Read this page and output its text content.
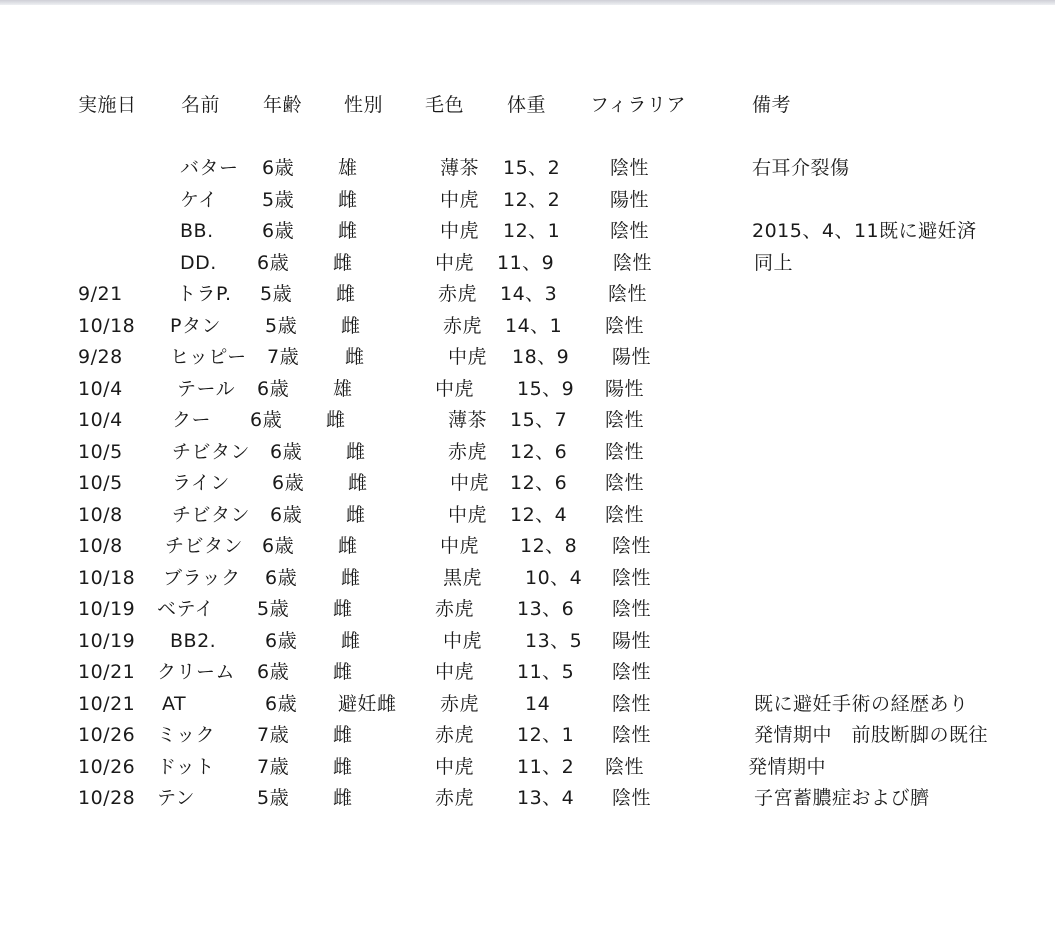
実施日 名前 年齢 性別 毛色 体重 フィラリア	備考
バター 6歳 雄	薄茶 15、2	陰性	右耳介裂傷
ケイ 5歳 雌	中虎 12、2	陽性
BB.	6歳 雌	中虎 12、1	陰性	2015、4、11既に避妊済
DD. 6歳 雌	中虎 11、9	陰性	同上
9/21	トラP. 5歳 雌	赤虎 14、3	陰性
10/18 Pタン 5歳 雌	赤虎 14、1 陰性
9/28 ヒッピー 7歳 雌	中虎 18、9 陽性
10/4	テール 6歳 雄	中虎 15、9 陽性
10/4	クー 6歳 雌	薄茶 15、7 陰性
10/5	チビタン 6歳 雌	赤虎 12、6 陰性
10/5	ライン 6歳 雌	中虎 12、6 陰性
10/8	チビタン 6歳 雌	中虎 12、4 陰性
10/8 チビタン 6歳 雌	中虎 12、8 陰性
10/18 ブラック 6歳 雌	黒虎 10、4 陰性
10/19 ベテイ 5歳 雌	赤虎 13、6 陰性
10/19 BB2.	6歳 雌	中虎 13、5 陽性
10/21 クリーム 6歳 雌	中虎 11、5 陰性
10/21 AT	6歳 避妊雌 赤虎 14	陰性	既に避妊手術の経歴あり
10/26 ミック 7歳 雌	赤虎 12、1 陰性	発情期中　前肢断脚の既往
10/26 ドット 7歳 雌	中虎 11、2 陰性	発情期中
10/28 テン	5歳 雌	赤虎 13、4 陰性	子宮蓄膿症および臍
